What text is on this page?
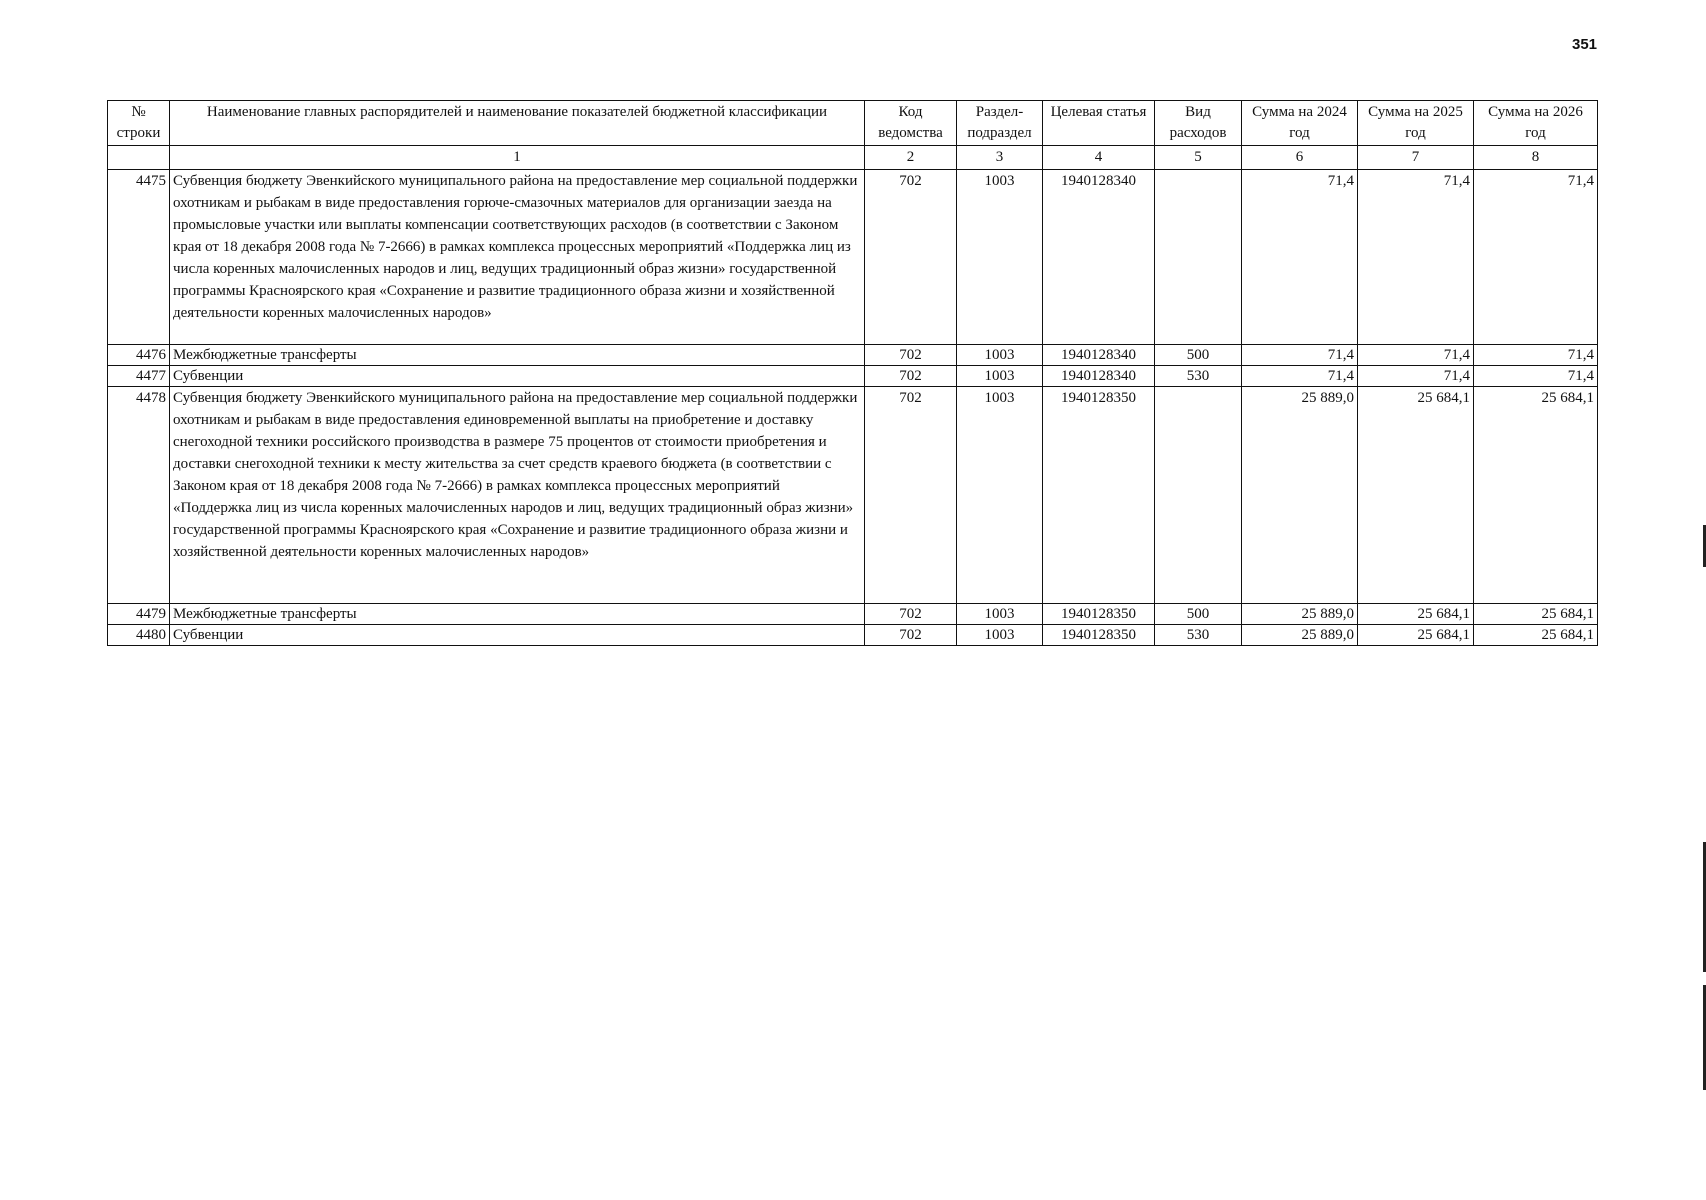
351
№ строки	Наименование главных распорядителей и наименование показателей бюджетной классификации	Код ведомства	Раздел-подраздел	Целевая статья	Вид расходов	Сумма на 2024 год	Сумма на 2025 год	Сумма на 2026 год
	1	2	3	4	5	6	7	8
4475	Субвенция бюджету Эвенкийского муниципального района на предоставление мер социальной поддержки охотникам и рыбакам в виде предоставления горюче-смазочных материалов для организации заезда на промысловые участки или выплаты компенсации соответствующих расходов (в соответствии с Законом края от 18 декабря 2008 года № 7-2666) в рамках комплекса процессных мероприятий «Поддержка лиц из числа коренных малочисленных народов и лиц, ведущих традиционный образ жизни» государственной программы Красноярского края «Сохранение и развитие традиционного образа жизни и хозяйственной деятельности коренных малочисленных народов»	702	1003	1940128340		71,4	71,4	71,4
4476	Межбюджетные трансферты	702	1003	1940128340	500	71,4	71,4	71,4
4477	Субвенции	702	1003	1940128340	530	71,4	71,4	71,4
4478	Субвенция бюджету Эвенкийского муниципального района на предоставление мер социальной поддержки охотникам и рыбакам в виде предоставления единовременной выплаты на приобретение и доставку снегоходной техники российского производства в размере 75 процентов от стоимости приобретения и доставки снегоходной техники к месту жительства за счет средств краевого бюджета (в соответствии с Законом края от 18 декабря 2008 года № 7-2666) в рамках комплекса процессных мероприятий «Поддержка лиц из числа коренных малочисленных народов и лиц, ведущих традиционный образ жизни» государственной программы Красноярского края «Сохранение и развитие традиционного образа жизни и хозяйственной деятельности коренных малочисленных народов»	702	1003	1940128350		25 889,0	25 684,1	25 684,1
4479	Межбюджетные трансферты	702	1003	1940128350	500	25 889,0	25 684,1	25 684,1
4480	Субвенции	702	1003	1940128350	530	25 889,0	25 684,1	25 684,1
